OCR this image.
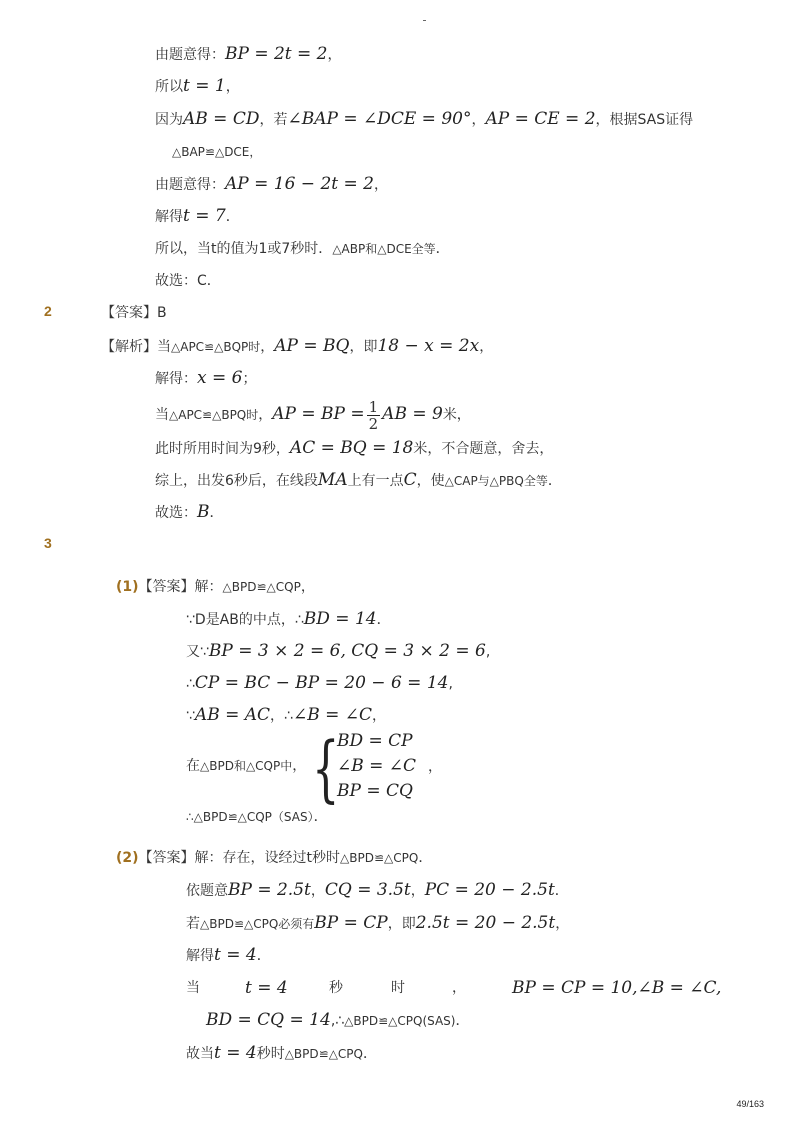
由题意得：BP = 2t = 2，
所以t = 1，
因为AB = CD，若∠BAP = ∠DCE = 90°，AP = CE = 2，根据SAS证得
△BAP≌△DCE，
由题意得：AP = 16 − 2t = 2，
解得t = 7．
所以，当t的值为1或7秒时．△ABP和△DCE全等．
故选：C．
2	【答案】B
【解析】当△APC≌△BQP时，AP = BQ，即18 − x = 2x，
解得：x = 6；
当△APC≌△BPQ时，AP = BP = $\frac{1}{2}$ AB = 9米，
此时所用时间为9秒，AC = BQ = 18米，不合题意，舍去，
综上，出发6秒后，在线段MA上有一点C，使△CAP与△PBQ全等．
故选：B．
3
(1)【答案】解：△BPD≌△CQP，
∵D是AB的中点，∴BD = 14．
又∵BP = 3 × 2 = 6, CQ = 3 × 2 = 6,
∴CP = BC − BP = 20 − 6 = 14,
∵AB = AC，∴∠B = ∠C，
在△BPD和△CQP中， {
BD = CP
∠B = ∠C ，
BP = CQ
∴△BPD≌△CQP（SAS）．
(2)【答案】解：存在，设经过t秒时△BPD≌△CPQ．
依题意BP = 2.5t，CQ = 3.5t，PC = 20 − 2.5t．
若△BPD≌△CPQ必须有BP = CP，即2.5t = 20 − 2.5t，
解得t = 4．
当	t = 4	秒	时	，	BP = CP = 10,∠B = ∠C,
BD = CQ = 14,∴△BPD≌△CPQ(SAS)．
故当t = 4秒时△BPD≌△CPQ．
49/163
